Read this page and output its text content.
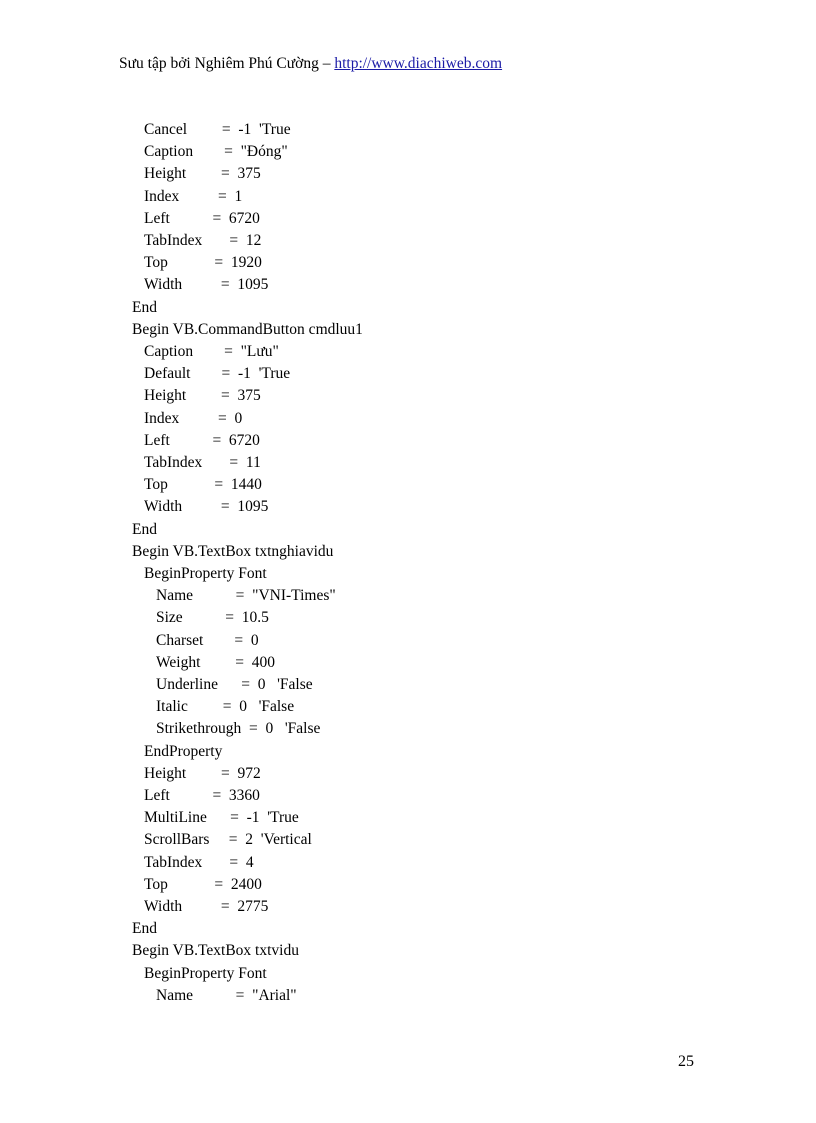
Sưu tập bởi Nghiêm Phú Cường – http://www.diachiweb.com
Cancel         =  -1  'True
Caption        =  "Đóng"
Height         =  375
Index          =  1
Left           =  6720
TabIndex       =  12
Top            =  1920
Width          =  1095
End
Begin VB.CommandButton cmdluu1
Caption        =  "Lưu"
Default        =  -1  'True
Height         =  375
Index          =  0
Left           =  6720
TabIndex       =  11
Top            =  1440
Width          =  1095
End
Begin VB.TextBox txtnghiavidu
BeginProperty Font
Name           =  "VNI-Times"
Size           =  10.5
Charset        =  0
Weight         =  400
Underline      =  0   'False
Italic         =  0   'False
Strikethrough  =  0   'False
EndProperty
Height         =  972
Left           =  3360
MultiLine      =  -1  'True
ScrollBars     =  2  'Vertical
TabIndex       =  4
Top            =  2400
Width          =  2775
End
Begin VB.TextBox txtvidu
BeginProperty Font
Name           =  "Arial"
25
